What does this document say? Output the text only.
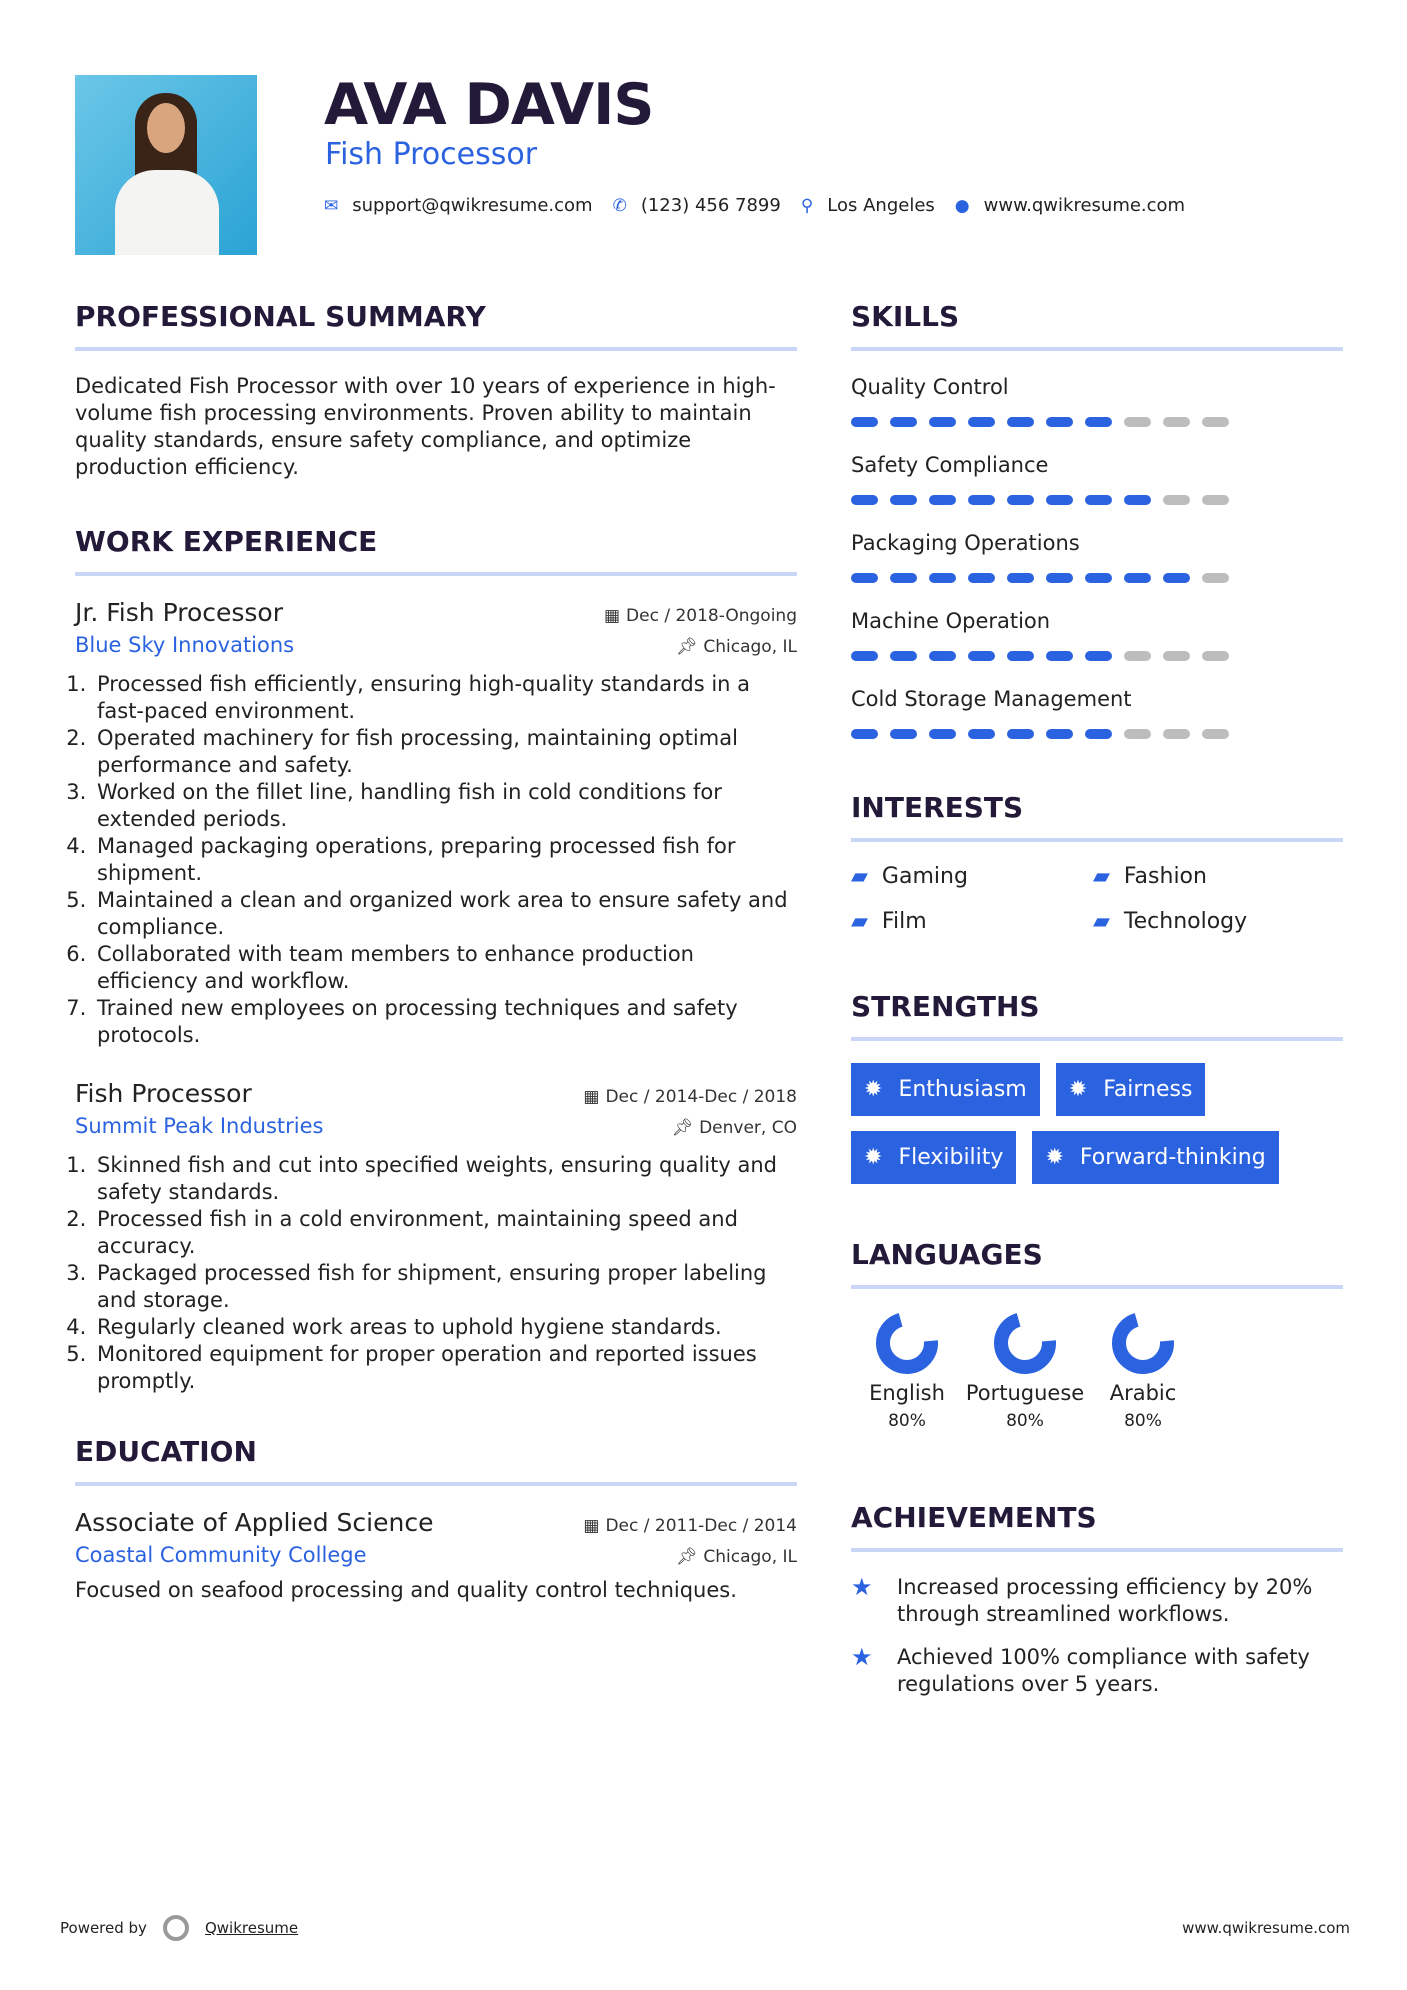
AVA DAVIS
Fish Processor
✉ support@qwikresume.com ✆ (123) 456 7899 ⚲ Los Angeles ● www.qwikresume.com
PROFESSIONAL SUMMARY

Dedicated Fish Processor with over 10 years of experience in high-volume fish processing environments. Proven ability to maintain quality standards, ensure safety compliance, and optimize production efficiency.

WORK EXPERIENCE
Jr. Fish Processor	▦ Dec / 2018-Ongoing
Blue Sky Innovations	📌︎ Chicago, IL
1. Processed fish efficiently, ensuring high-quality standards in a fast-paced environment.
2. Operated machinery for fish processing, maintaining optimal performance and safety.
3. Worked on the fillet line, handling fish in cold conditions for extended periods.
4. Managed packaging operations, preparing processed fish for shipment.
5. Maintained a clean and organized work area to ensure safety and compliance.
6. Collaborated with team members to enhance production efficiency and workflow.
7. Trained new employees on processing techniques and safety protocols.
Fish Processor	▦ Dec / 2014-Dec / 2018
Summit Peak Industries	📌︎ Denver, CO
1. Skinned fish and cut into specified weights, ensuring quality and safety standards.
2. Processed fish in a cold environment, maintaining speed and accuracy.
3. Packaged processed fish for shipment, ensuring proper labeling and storage.
4. Regularly cleaned work areas to uphold hygiene standards.
5. Monitored equipment for proper operation and reported issues promptly.
EDUCATION
Associate of Applied Science	▦ Dec / 2011-Dec / 2014
Coastal Community College	📌︎ Chicago, IL

Focused on seafood processing and quality control techniques.

SKILLS
Quality Control
Safety Compliance
Packaging Operations
Machine Operation
Cold Storage Management
INTERESTS
▰ Gaming	▰ Fashion
▰ Film	▰ Technology
STRENGTHS
✹ Enthusiasm ✹ Fairness
✹ Flexibility ✹ Forward-thinking
LANGUAGES
English
80%
Portuguese
80%
Arabic
80%
ACHIEVEMENTS
★	Increased processing efficiency by 20% through streamlined workflows.
★	Achieved 100% compliance with safety regulations over 5 years.
Powered by	Qwikresume	www.qwikresume.com
